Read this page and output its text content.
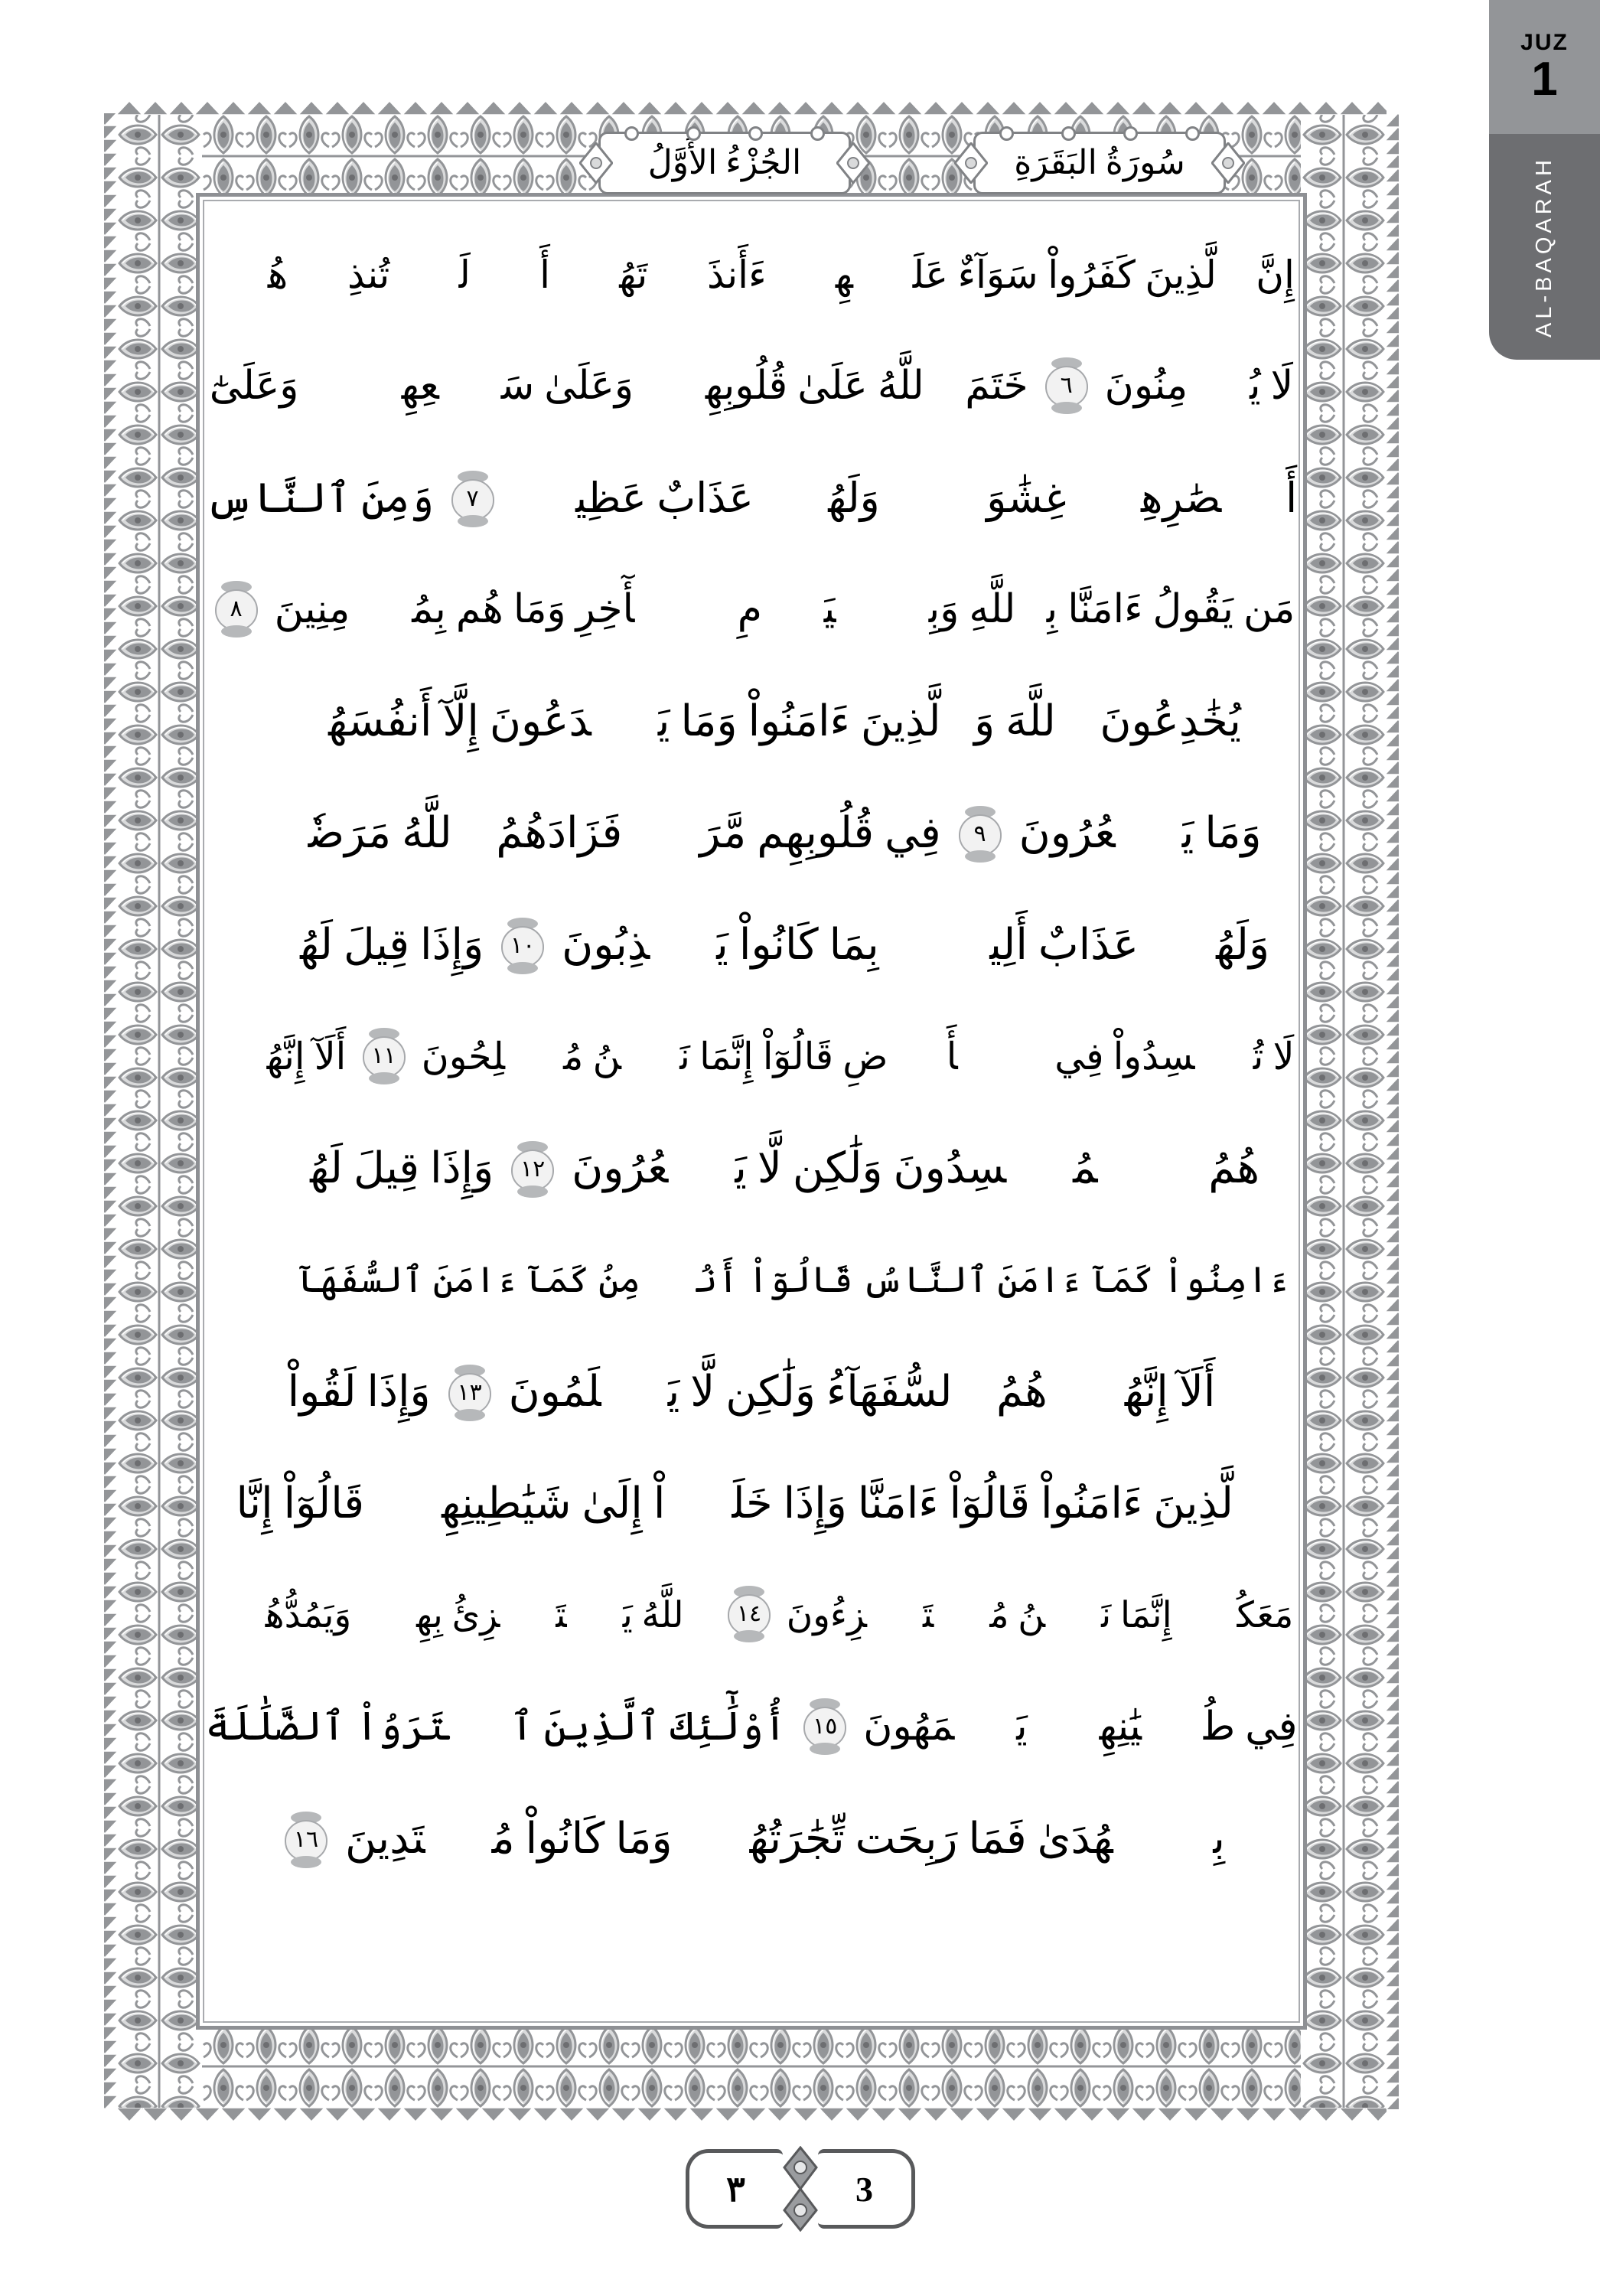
JUZ
1
AL-BAQARAH
سُورَةُ البَقَرَةِ
الجُزْءُ الأَوَّلُ
إِنَّ ٱلَّذِينَ كَفَرُواْ سَوَآءٌ عَلَيۡهِمۡ ءَأَنذَرۡتَهُمۡ أَمۡ لَمۡ تُنذِرۡهُمۡ
لَا يُؤۡمِنُونَ
٦
خَتَمَ ٱللَّهُ عَلَىٰ قُلُوبِهِمۡ وَعَلَىٰ سَمۡعِهِمۡۖ وَعَلَىٰٓ
أَبۡصَٰرِهِمۡ غِشَٰوَةٞۖ وَلَهُمۡ عَذَابٌ عَظِيمٞ
٧
وَمِنَ ٱلنَّاسِ
مَن يَقُولُ ءَامَنَّا بِٱللَّهِ وَبِٱلۡيَوۡمِ ٱلۡأٓخِرِ وَمَا هُم بِمُؤۡمِنِينَ
٨
يُخَٰدِعُونَ ٱللَّهَ وَٱلَّذِينَ ءَامَنُواْ وَمَا يَخۡدَعُونَ إِلَّآ أَنفُسَهُمۡ
وَمَا يَشۡعُرُونَ
٩
فِي قُلُوبِهِم مَّرَضٞ فَزَادَهُمُ ٱللَّهُ مَرَضٗاۖ
وَلَهُمۡ عَذَابٌ أَلِيمُۢ بِمَا كَانُواْ يَكۡذِبُونَ
١٠
وَإِذَا قِيلَ لَهُمۡ
لَا تُفۡسِدُواْ فِي ٱلۡأَرۡضِ قَالُوٓاْ إِنَّمَا نَحۡنُ مُصۡلِحُونَ
١١
أَلَآ إِنَّهُمۡ
هُمُ ٱلۡمُفۡسِدُونَ وَلَٰكِن لَّا يَشۡعُرُونَ
١٢
وَإِذَا قِيلَ لَهُمۡ
ءَامِنُواْ كَمَآ ءَامَنَ ٱلنَّاسُ قَالُوٓاْ أَنُؤۡمِنُ كَمَآ ءَامَنَ ٱلسُّفَهَآءُۗ
أَلَآ إِنَّهُمۡ هُمُ ٱلسُّفَهَآءُ وَلَٰكِن لَّا يَعۡلَمُونَ
١٣
وَإِذَا لَقُواْ
ٱلَّذِينَ ءَامَنُواْ قَالُوٓاْ ءَامَنَّا وَإِذَا خَلَوۡاْ إِلَىٰ شَيَٰطِينِهِمۡ قَالُوٓاْ إِنَّا
مَعَكُمۡ إِنَّمَا نَحۡنُ مُسۡتَهۡزِءُونَ
١٤
ٱللَّهُ يَسۡتَهۡزِئُ بِهِمۡ وَيَمُدُّهُمۡ
فِي طُغۡيَٰنِهِمۡ يَعۡمَهُونَ
١٥
أُوْلَٰٓئِكَ ٱلَّذِينَ ٱشۡتَرَوُاْ ٱلضَّلَٰلَةَ
بِٱلۡهُدَىٰ فَمَا رَبِحَت تِّجَٰرَتُهُمۡ وَمَا كَانُواْ مُهۡتَدِينَ
١٦
٣	3
